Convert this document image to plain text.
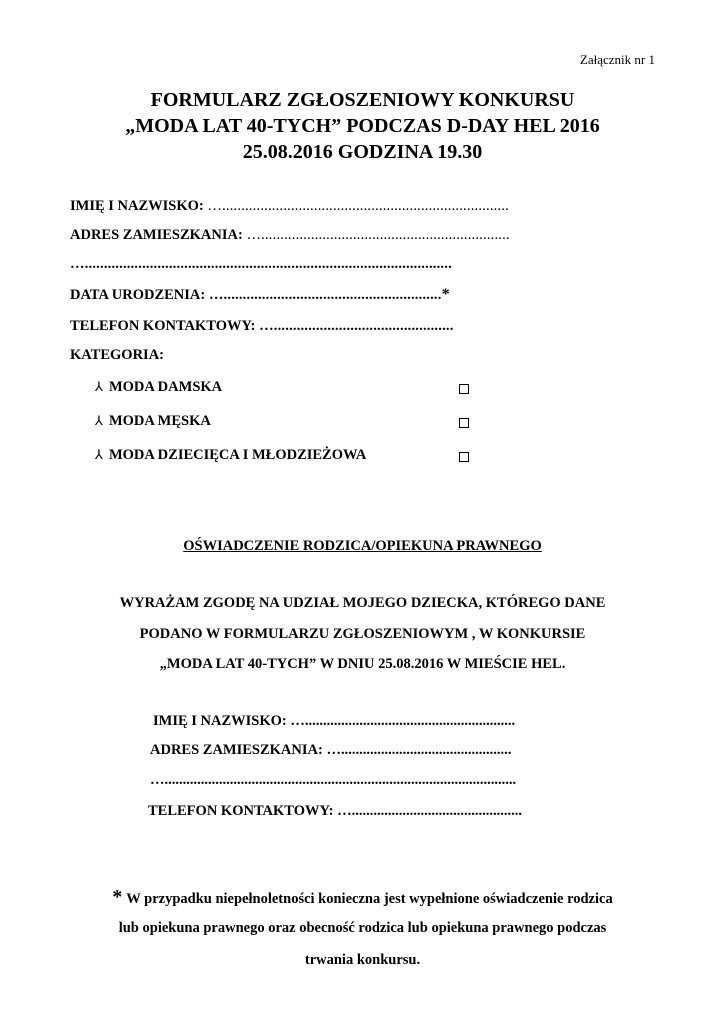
Załącznik nr 1
FORMULARZ ZGŁOSZENIOWY KONKURSU
„MODA LAT 40-TYCH” PODCZAS D-DAY HEL 2016
25.08.2016 GODZINA 19.30
IMIĘ I NAZWISKO: …...........................................................................
ADRES ZAMIESZKANIA: ….................................................................
…................................................................................................
DATA URODZENIA: ….........................................................*
TELEFON KONTAKTOWY: …...............................................
KATEGORIA:
⅄ MODA DAMSKA
⅄ MODA MĘSKA
⅄ MODA DZIECIĘCA I MŁODZIEŻOWA
OŚWIADCZENIE RODZICA/OPIEKUNA PRAWNEGO
WYRAŻAM ZGODĘ NA UDZIAŁ MOJEGO DZIECKA, KTÓREGO DANE
PODANO W FORMULARZU ZGŁOSZENIOWYM , W KONKURSIE
„MODA LAT 40-TYCH” W DNIU 25.08.2016 W MIEŚCIE HEL.
IMIĘ I NAZWISKO: …..........................................................
ADRES ZAMIESZKANIA: …...............................................
….................................................................................................
TELEFON KONTAKTOWY: …...............................................
* W przypadku niepełnoletności konieczna jest wypełnione oświadczenie rodzica
lub opiekuna prawnego oraz obecność rodzica lub opiekuna prawnego podczas
trwania konkursu.
